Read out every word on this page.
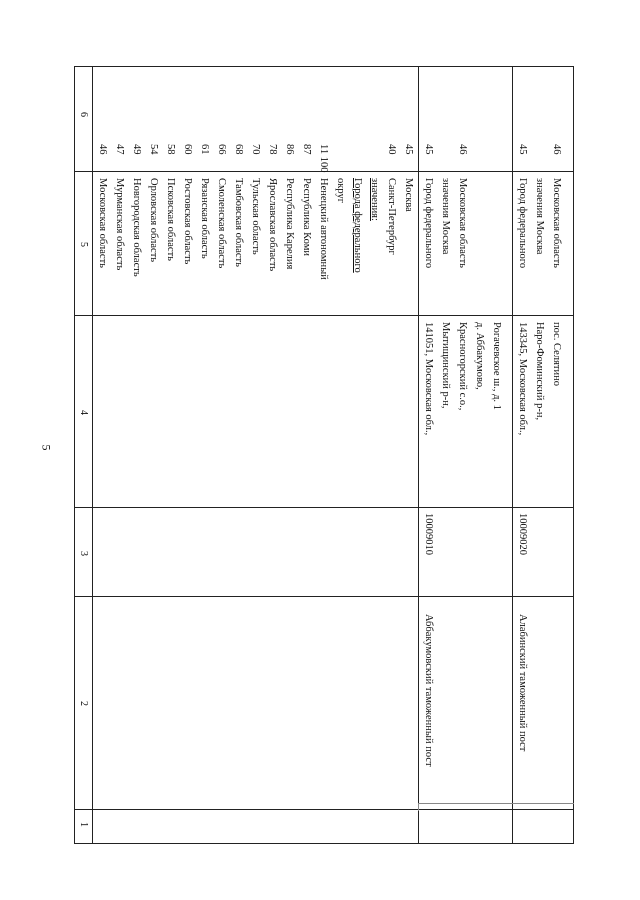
5
6
5
4
3
2
1
Московская область Мурманская область Новгородская область Орловская область Псковская область Ростовская область Рязанская область Смоленская область Тамбовская область Тульская область Ярославская область Республика Карелия Республика Коми Ненецкий автономный округ Города федерального значения: Санкт-Петербург Москва
46 47 49 54 58 60 61 66 68 70 78 86 87 11 100	40 45
Аббакумовский таможенный пост
10009010
141051, Московская обл., Мытищинский р-н, Красногорский с.о., д. Аббакумово, Рогачевское ш., д. 1
Город федерального значения Москва Московская область
45 46
Алабинский таможенный пост
10009020
143345, Московская обл., Наро-Фоминский р-н, пос. Селятино
Город федерального значения Москва Московская область
45 46
